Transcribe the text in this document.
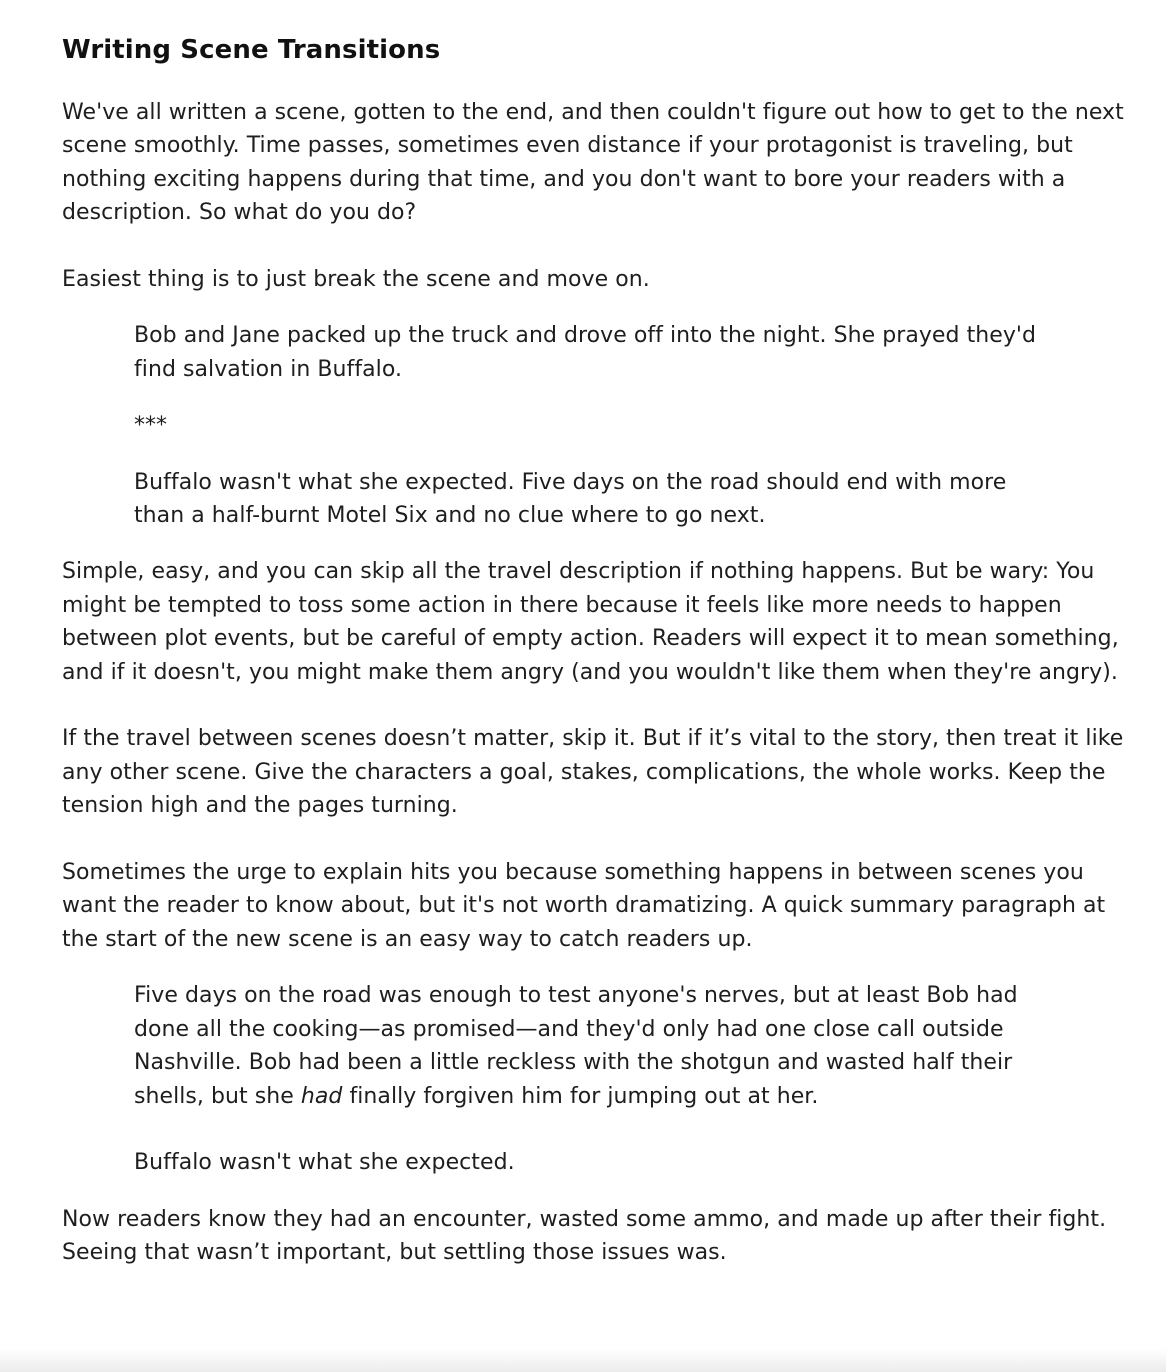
Writing Scene Transitions

We've all written a scene, gotten to the end, and then couldn't figure out how to get to the next scene smoothly. Time passes, sometimes even distance if your protagonist is traveling, but nothing exciting happens during that time, and you don't want to bore your readers with a description. So what do you do?

Easiest thing is to just break the scene and move on.

Bob and Jane packed up the truck and drove off into the night. She prayed they'd find salvation in Buffalo.

***

Buffalo wasn't what she expected. Five days on the road should end with more than a half-burnt Motel Six and no clue where to go next.

Simple, easy, and you can skip all the travel description if nothing happens. But be wary: You might be tempted to toss some action in there because it feels like more needs to happen between plot events, but be careful of empty action. Readers will expect it to mean something, and if it doesn't, you might make them angry (and you wouldn't like them when they're angry).

If the travel between scenes doesn’t matter, skip it. But if it’s vital to the story, then treat it like any other scene. Give the characters a goal, stakes, complications, the whole works. Keep the tension high and the pages turning.

Sometimes the urge to explain hits you because something happens in between scenes you want the reader to know about, but it's not worth dramatizing. A quick summary paragraph at the start of the new scene is an easy way to catch readers up.

Five days on the road was enough to test anyone's nerves, but at least Bob had done all the cooking—as promised—and they'd only had one close call outside Nashville. Bob had been a little reckless with the shotgun and wasted half their shells, but she had finally forgiven him for jumping out at her.

Buffalo wasn't what she expected.

Now readers know they had an encounter, wasted some ammo, and made up after their fight. Seeing that wasn’t important, but settling those issues was.
